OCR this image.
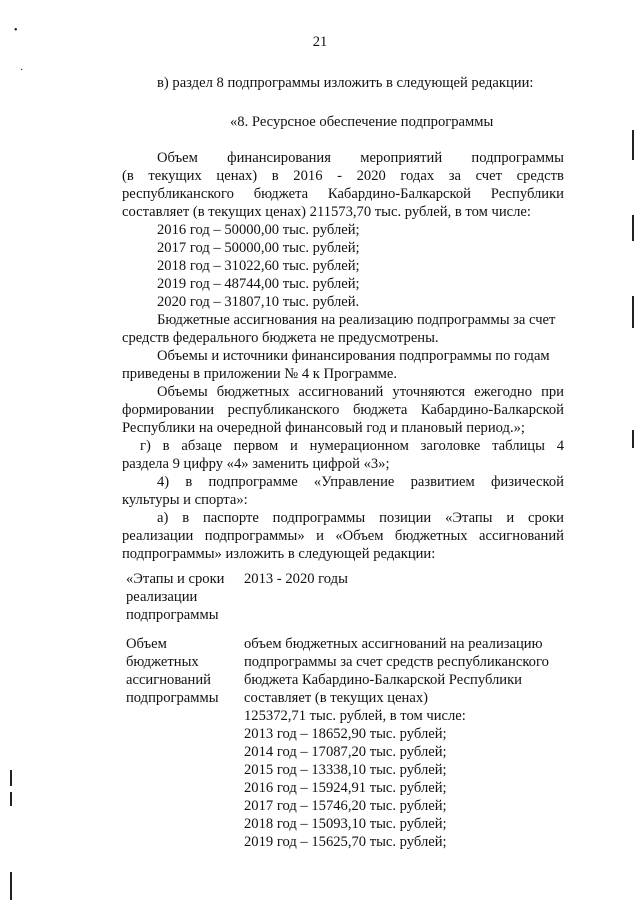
21
•
·
в) раздел 8 подпрограммы изложить в следующей редакции:
«8. Ресурсное обеспечение подпрограммы
Объем финансирования мероприятий подпрограммы
(в текущих ценах) в 2016 - 2020 годах за счет средств
республиканского бюджета Кабардино-Балкарской Республики
составляет (в текущих ценах) 211573,70 тыс. рублей, в том числе:
2016 год – 50000,00 тыс. рублей;
2017 год – 50000,00 тыс. рублей;
2018 год – 31022,60 тыс. рублей;
2019 год – 48744,00 тыс. рублей;
2020 год – 31807,10 тыс. рублей.
Бюджетные ассигнования на реализацию подпрограммы за счет
средств федерального бюджета не предусмотрены.
Объемы и источники финансирования подпрограммы по годам
приведены в приложении № 4 к Программе.
Объемы бюджетных ассигнований уточняются ежегодно при
формировании республиканского бюджета Кабардино-Балкарской
Республики на очередной финансовый год и плановый период.»;
г) в абзаце первом и нумерационном заголовке таблицы 4
раздела 9 цифру «4» заменить цифрой «3»;
4) в подпрограмме «Управление развитием физической
культуры и спорта»:
а) в паспорте подпрограммы позиции «Этапы и сроки
реализации подпрограммы» и «Объем бюджетных ассигнований
подпрограммы» изложить в следующей редакции:
«Этапы и сроки
реализации
подпрограммы
2013 - 2020 годы
Объем
бюджетных
ассигнований
подпрограммы
объем бюджетных ассигнований на реализацию
подпрограммы за счет средств республиканского
бюджета Кабардино-Балкарской Республики
составляет (в текущих ценах)
125372,71 тыс. рублей, в том числе:
2013 год – 18652,90 тыс. рублей;
2014 год – 17087,20 тыс. рублей;
2015 год – 13338,10 тыс. рублей;
2016 год – 15924,91 тыс. рублей;
2017 год – 15746,20 тыс. рублей;
2018 год – 15093,10 тыс. рублей;
2019 год – 15625,70 тыс. рублей;
